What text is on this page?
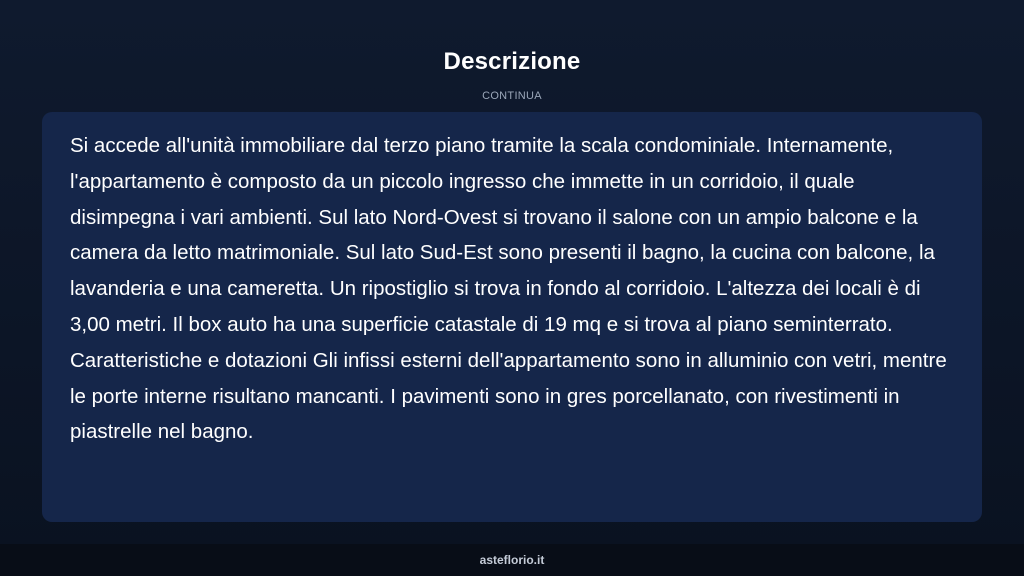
Descrizione
CONTINUA

Si accede all'unità immobiliare dal terzo piano tramite la scala condominiale. Internamente, l'appartamento è composto da un piccolo ingresso che immette in un corridoio, il quale disimpegna i vari ambienti. Sul lato Nord-Ovest si trovano il salone con un ampio balcone e la camera da letto matrimoniale. Sul lato Sud-Est sono presenti il bagno, la cucina con balcone, la lavanderia e una cameretta. Un ripostiglio si trova in fondo al corridoio. L'altezza dei locali è di 3,00 metri. Il box auto ha una superficie catastale di 19 mq e si trova al piano seminterrato. Caratteristiche e dotazioni Gli infissi esterni dell'appartamento sono in alluminio con vetri, mentre le porte interne risultano mancanti. I pavimenti sono in gres porcellanato, con rivestimenti in piastrelle nel bagno.

asteflorio.it
